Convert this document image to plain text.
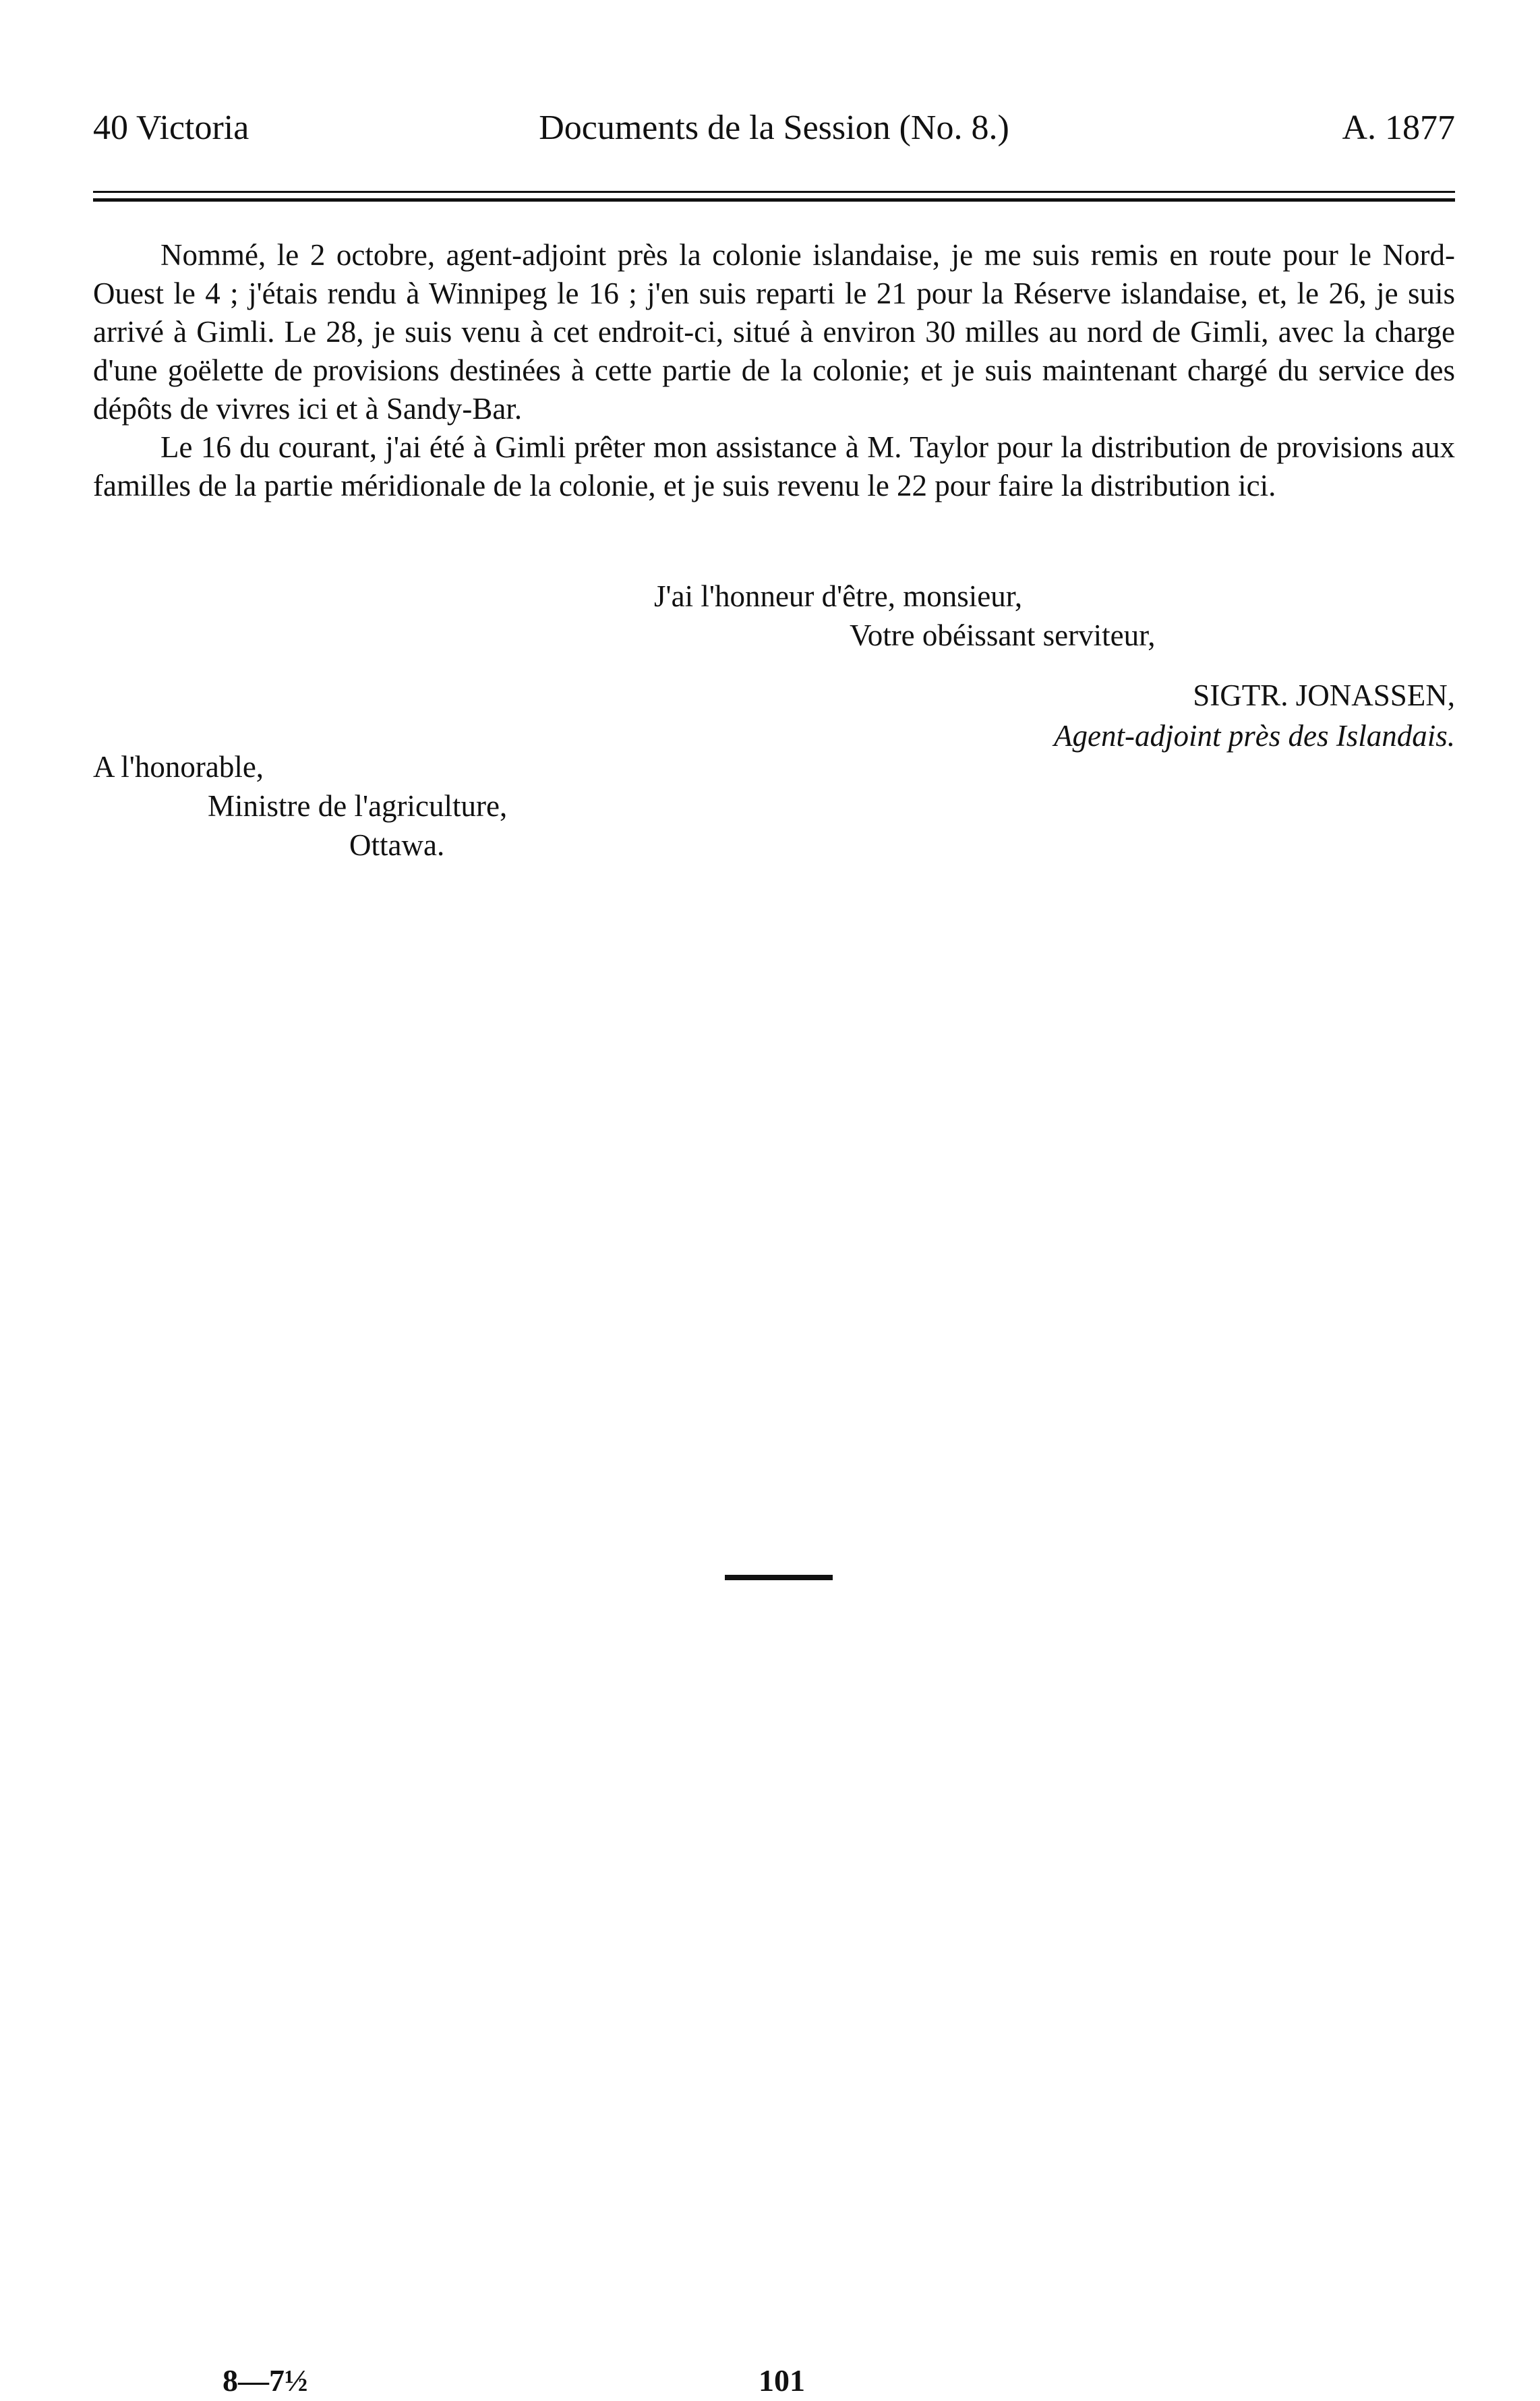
40 Victoria	Documents de la Session (No. 8.)	A. 1877

Nommé, le 2 octobre, agent-adjoint près la colonie islandaise, je me suis remis en route pour le Nord-Ouest le 4 ; j'étais rendu à Winnipeg le 16 ; j'en suis reparti le 21 pour la Réserve islandaise, et, le 26, je suis arrivé à Gimli. Le 28, je suis venu à cet endroit-ci, situé à environ 30 milles au nord de Gimli, avec la charge d'une goëlette de provisions destinées à cette partie de la colonie; et je suis maintenant chargé du service des dépôts de vivres ici et à Sandy-Bar.

Le 16 du courant, j'ai été à Gimli prêter mon assistance à M. Taylor pour la distribution de provisions aux familles de la partie méridionale de la colonie, et je suis revenu le 22 pour faire la distribution ici.

J'ai l'honneur d'être, monsieur,
Votre obéissant serviteur,
SIGTR. JONASSEN,
Agent-adjoint près des Islandais.
A l'honorable,
Ministre de l'agriculture,
Ottawa.
8—7½	101
